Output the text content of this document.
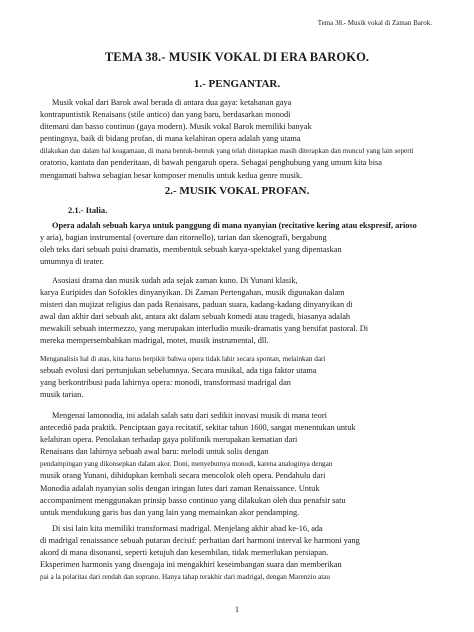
Tema 38.- Musik vokal di Zaman Barok.
TEMA 38.- MUSIK VOKAL DI ERA BAROKO.
1.- PENGANTAR.
Musik vokal dari Barok awal berada di antara dua gaya: ketahanan gaya
kontrapuntistik Renaisans (stile antico) dan yang baru, berdasarkan monodi
ditemani dan basso continuo (gaya modern). Musik vokal Barok memiliki banyak
pentingnya, baik di bidang profan, di mana kelahiran opera adalah yang utama
dilakukan dan dalam hal keagamaan, di mana bentuk-bentuk yang telah ditetapkan masih diterapkan dan muncul yang lain seperti
oratorio, kantata dan penderitaan, di bawah pengaruh opera. Sebagai penghubung yang umum kita bisa
mengamati bahwa sebagian besar komposer menulis untuk kedua genre musik.
2.- MUSIK VOKAL PROFAN.
2.1.- Italia.
Opera adalah sebuah karya untuk panggung di mana nyanyian (recitative kering atau ekspresif, arioso
y aria), bagian instrumental (overture dan ritornello), tarian dan skenografi, bergabung
oleh teks dari sebuah puisi dramatis, membentuk sebuah karya-spektakel yang dipentaskan
umumnya di teater.
Asosiasi drama dan musik sudah ada sejak zaman kuno. Di Yunani klasik,
karya Euripides dan Sofokles dinyanyikan. Di Zaman Pertengahan, musik digunakan dalam
misteri dan mujizat religius dan pada Renaisans, paduan suara, kadang-kadang dinyanyikan di
awal dan akhir dari sebuah akt, antara akt dalam sebuah komedi atau tragedi, biasanya adalah
mewakili sebuah intermezzo, yang merupakan interludio musik-dramatis yang bersifat pastoral. Di
mereka mempersembahkan madrigal, motet, musik instrumental, dll.
Menganalisis hal di atas, kita harus berpikir bahwa opera tidak lahir secara spontan, melainkan dari
sebuah evolusi dari pertunjukan sebelumnya. Secara musikal, ada tiga faktor utama
yang berkontribusi pada lahirnya opera: monodi, transformasi madrigal dan
musik tarian.
Mengenai lamonodia, ini adalah salah satu dari sedikit inovasi musik di mana teori
antecedió pada praktik. Penciptaan gaya recitatif, sekitar tahun 1600, sangat menentukan untuk
kelahiran opera. Penolakan terhadap gaya polifonik merupakan kematian dari
Renaisans dan lahirnya sebuah awal baru: melodi untuk solis dengan
pendampingan yang dikonsepkan dalam akor. Doni, menyebutnya monodi, karena analoginya dengan
musik orang Yunani, dihidupkan kembali secara mencolok oleh opera. Pendahulu dari
Monodia adalah nyanyian solis dengan iringan lutes dari zaman Renaissance. Untuk
accompaniment menggunakan prinsip basso continuo yang dilakukan oleh dua penafsir satu
untuk mendukung garis bas dan yang lain yang memainkan akor pendamping.
Di sisi lain kita memiliki transformasi madrigal. Menjelang akhir abad ke-16, ada
di madrigal renaissance sebuah putaran decisif: perhatian dari harmoni interval ke harmoni yang
akord di mana disonansi, seperti ketujuh dan kesembilan, tidak memerlukan persiapan.
Eksperimen harmonis yang disengaja ini mengakhiri keseimbangan suara dan memberikan
pai a la polaritas dari rendah dan soprano. Hanya tahap terakhir dari madrigal, dengan Marenzio atau
1
